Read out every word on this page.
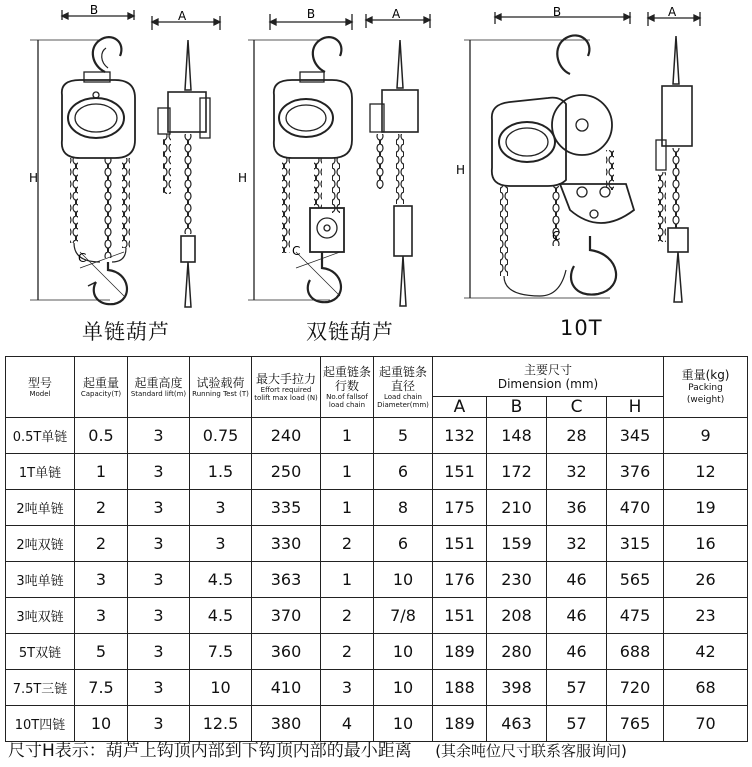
B
H
C
A	B
H
C
A	B
H
C
A
单链葫芦	双链葫芦	10T
型号
Model	起重量
Capacity(T)	起重高度
Standard lift(m)	试验载荷
Running Test (T)	最大手拉力
Effort required
tolift max load (N)	起重链条
行数
No.of fallsof
load chain	起重链条
直径
Load chain
Diameter(mm)	主要尺寸
Dimension (mm)				重量(kg)
Packing
(weight)

							A	B	C	H	
0.5T单链	0.5	3	0.75	240	1	5	132	148	28	345	9
1T单链	1	3	1.5	250	1	6	151	172	32	376	12
2吨单链	2	3	3	335	1	8	175	210	36	470	19
2吨双链	2	3	3	330	2	6	151	159	32	315	16
3吨单链	3	3	4.5	363	1	10	176	230	46	565	26
3吨双链	3	3	4.5	370	2	7/8	151	208	46	475	23
5T双链	5	3	7.5	360	2	10	189	280	46	688	42
7.5T三链	7.5	3	10	410	3	10	188	398	57	720	68
10T四链	10	3	12.5	380	4	10	189	463	57	765	70
尺寸H表示：葫芦上钩顶内部到下钩顶内部的最小距离 (其余吨位尺寸联系客服询问)
